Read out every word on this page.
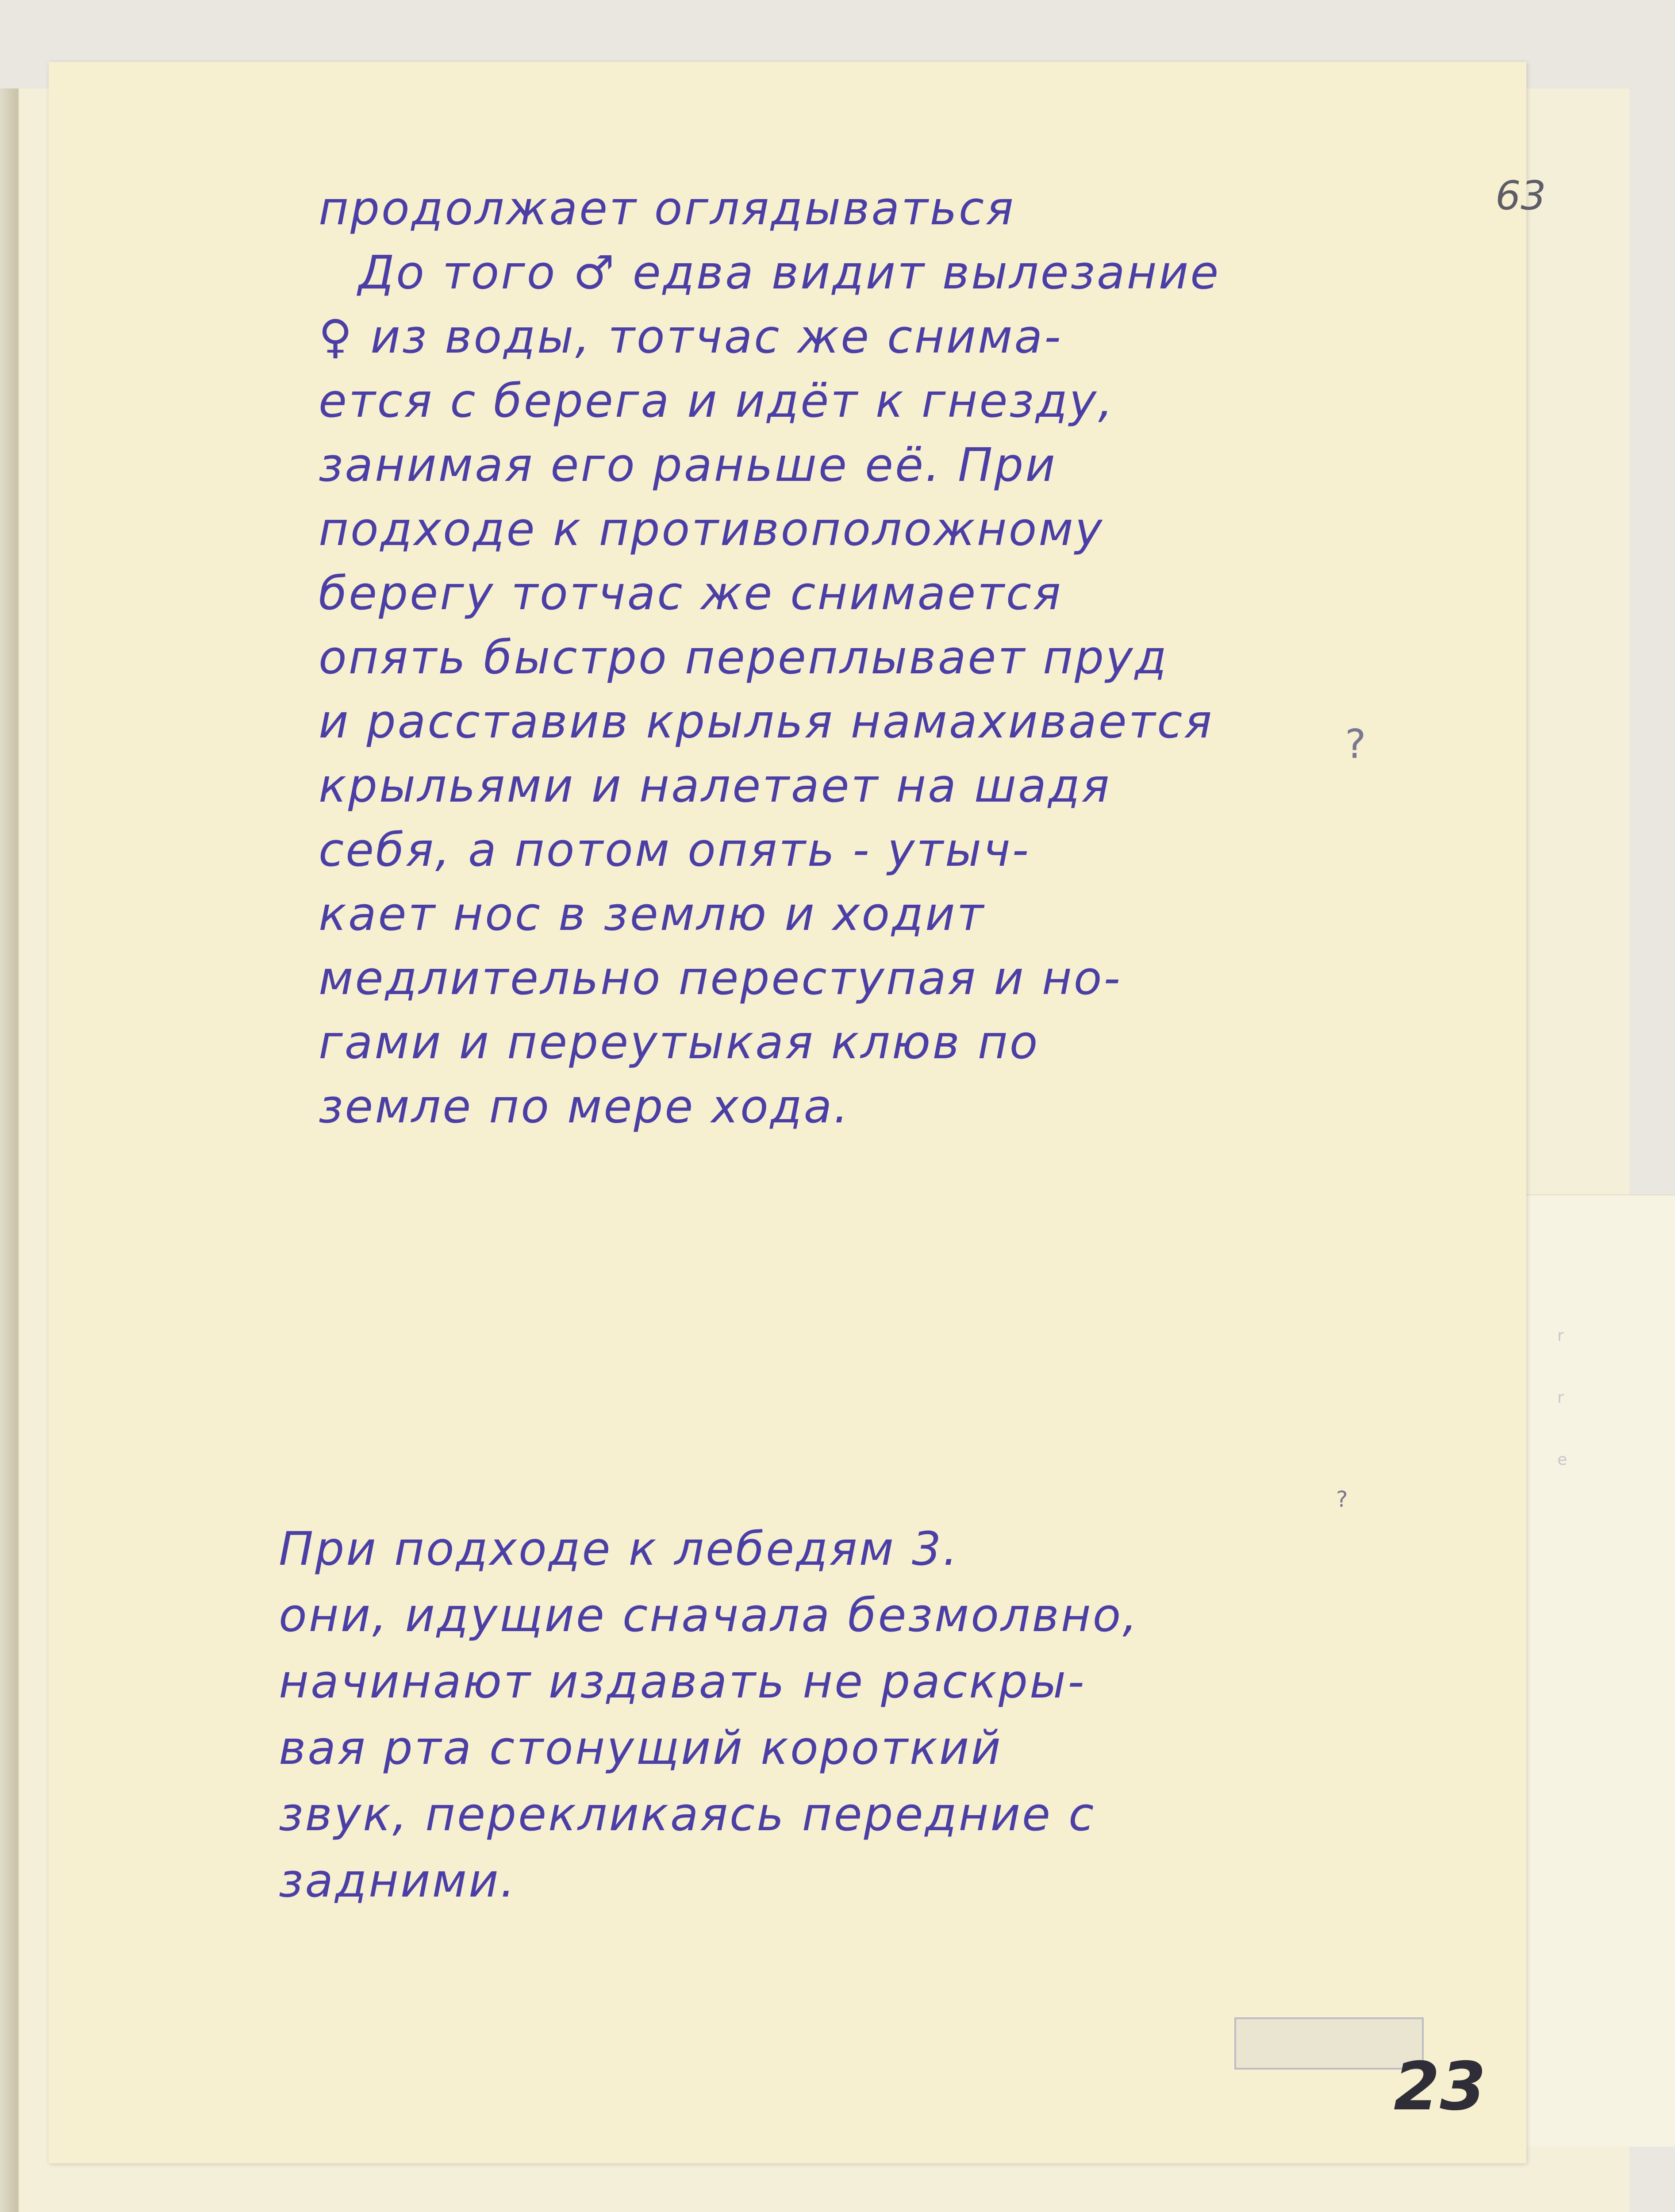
r
r
e
63
продолжает оглядываться
До того ♂ едва видит вылезание
♀ из воды, тотчас же снима-
ется с берега и идёт к гнезду,
занимая его раньше её. При
подходе к противоположному
берегу тотчас же снимается
опять быстро переплывает пруд
и расставив крылья намахивается
крыльями и налетает на шадя
себя, а потом опять - утыч-
кает нос в землю и ходит
медлительно переступая и но-
гами и переутыкая клюв по
земле по мере хода.
?
?
При подходе к лебедям 3.
они, идущие сначала безмолвно,
начинают издавать не раскры-
вая рта стонущий короткий
звук, перекликаясь передние с
задними.
23
